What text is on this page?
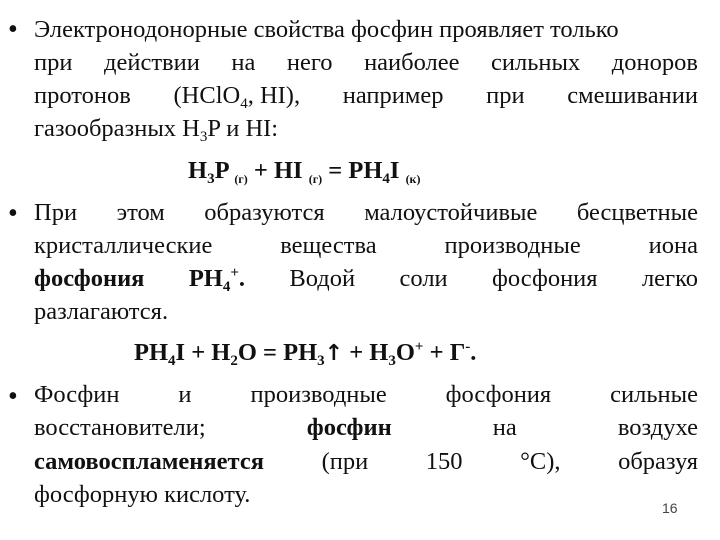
• Электронодонорные свойства фосфин проявляет только
при действии на него наиболее сильных доноров
протонов (HClO$_4$, HI), например при смешивании
газообразных $H_3P$ и HI:
$H_3P$ $_{(г)}$ + HI $_{(г)} = PH_4I$ $_{(к)}$
• При этом образуются малоустойчивые бесцветные
кристаллические	вещества	производные	иона
фосфония $PH_4^+$. Водой соли фосфония легко
разлагаются.
$PH_4I + H_2O$ = $PH_3↑ + H_3O^+ + Г^-$.
• Фосфин и производные фосфония сильные
восстановители;	фосфин	на	воздухе
самовоспламеняется (при 150 °С), образуя
фосфорную кислоту.	16
